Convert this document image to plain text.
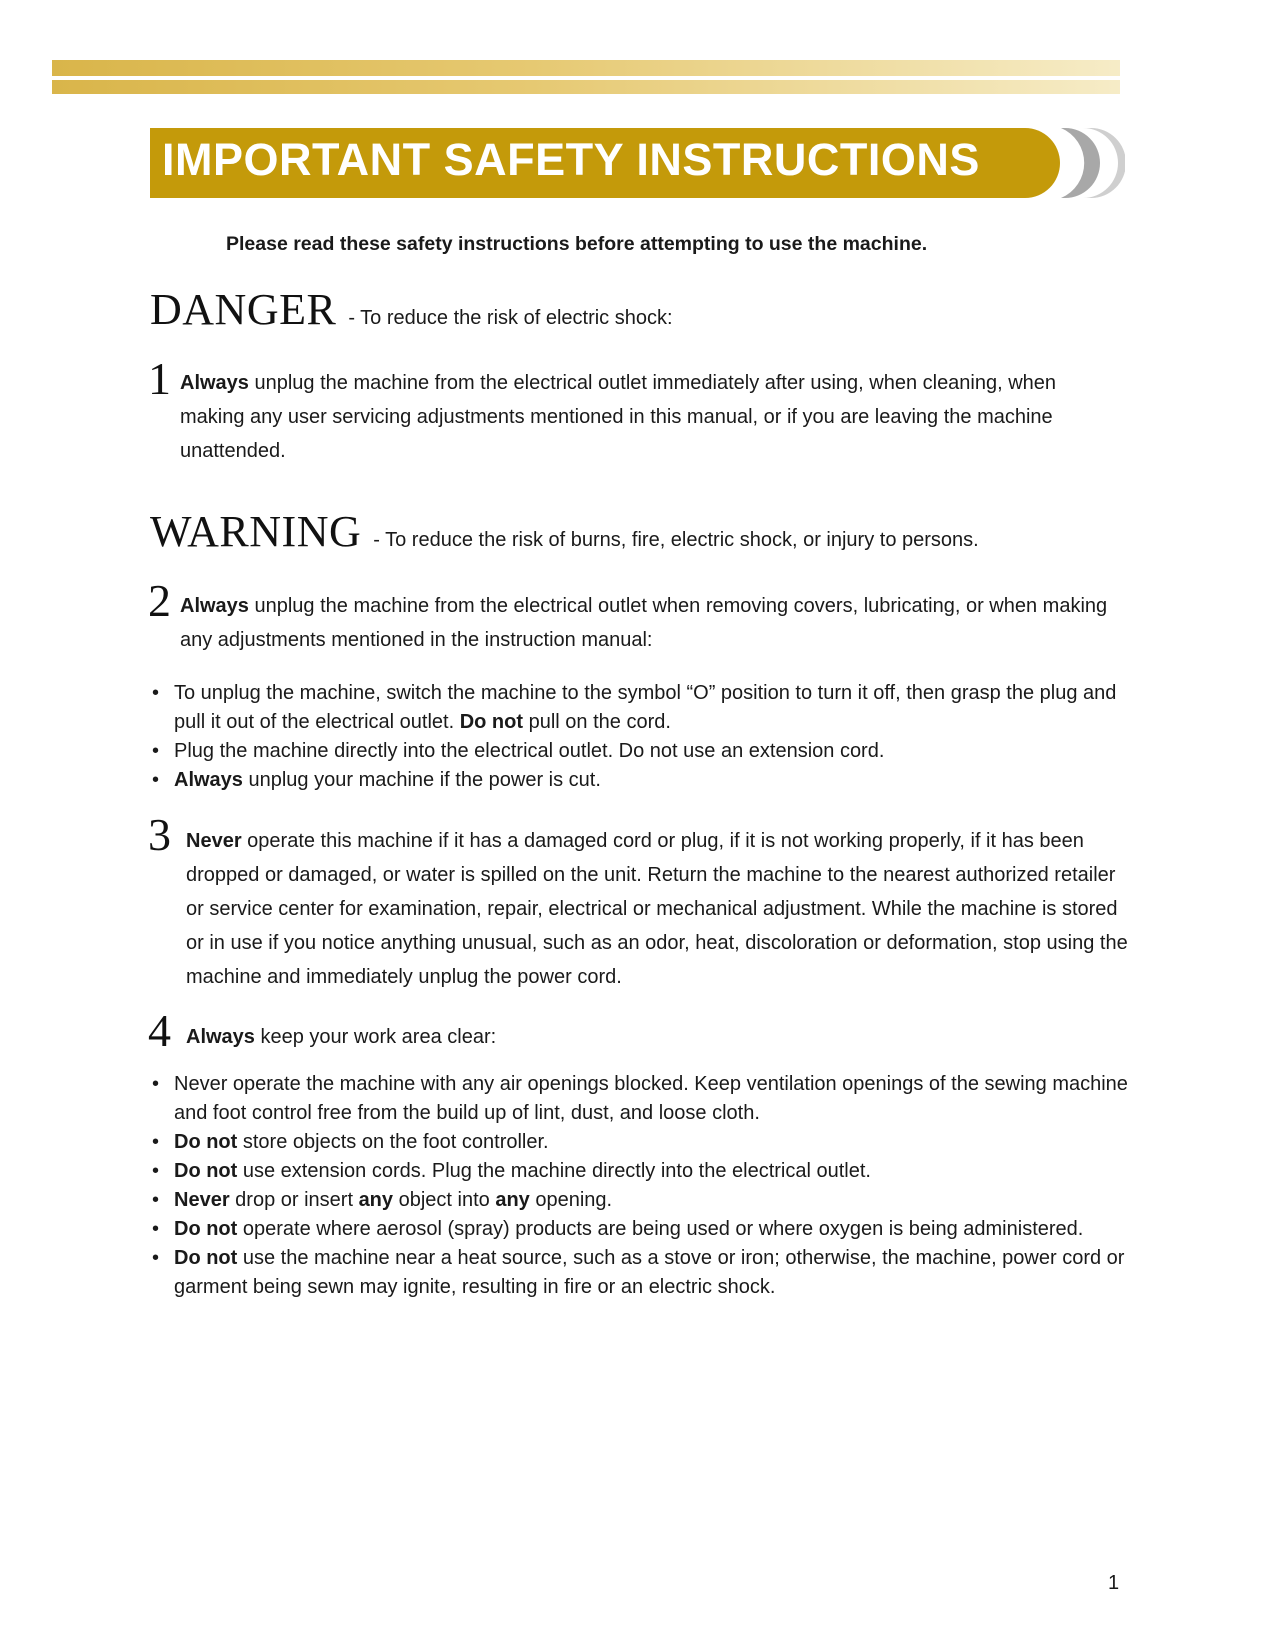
IMPORTANT SAFETY INSTRUCTIONS
Please read these safety instructions before attempting to use the machine.
DANGER - To reduce the risk of electric shock:
1 Always unplug the machine from the electrical outlet immediately after using, when cleaning, when making any user servicing adjustments mentioned in this manual, or if you are leaving the machine unattended.
WARNING - To reduce the risk of burns, fire, electric shock, or injury to persons.
2 Always unplug the machine from the electrical outlet when removing covers, lubricating, or when making any adjustments mentioned in the instruction manual:
• To unplug the machine, switch the machine to the symbol “O” position to turn it off, then grasp the plug and pull it out of the electrical outlet. Do not pull on the cord.
• Plug the machine directly into the electrical outlet. Do not use an extension cord.
• Always unplug your machine if the power is cut.
3 Never operate this machine if it has a damaged cord or plug, if it is not working properly, if it has been dropped or damaged, or water is spilled on the unit. Return the machine to the nearest authorized retailer or service center for examination, repair, electrical or mechanical adjustment. While the machine is stored or in use if you notice anything unusual, such as an odor, heat, discoloration or deformation, stop using the machine and immediately unplug the power cord.
4 Always keep your work area clear:
• Never operate the machine with any air openings blocked. Keep ventilation openings of the sewing machine and foot control free from the build up of lint, dust, and loose cloth.
• Do not store objects on the foot controller.
• Do not use extension cords. Plug the machine directly into the electrical outlet.
• Never drop or insert any object into any opening.
• Do not operate where aerosol (spray) products are being used or where oxygen is being administered.
• Do not use the machine near a heat source, such as a stove or iron; otherwise, the machine, power cord or garment being sewn may ignite, resulting in fire or an electric shock.
1
